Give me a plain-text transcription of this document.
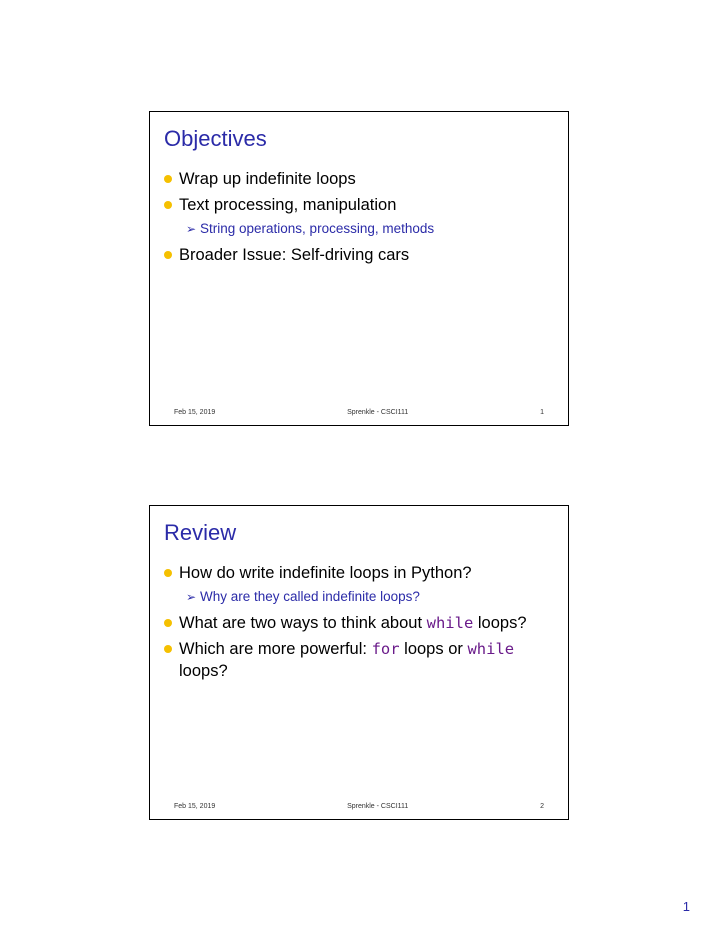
Objectives
Wrap up indefinite loops
Text processing, manipulation
➢ String operations, processing, methods
Broader Issue: Self-driving cars
Feb 15, 2019	Sprenkle - CSCI111	1
Review
How do write indefinite loops in Python?
➢ Why are they called indefinite loops?
What are two ways to think about while loops?
Which are more powerful: for loops or while loops?
Feb 15, 2019	Sprenkle - CSCI111	2
1
